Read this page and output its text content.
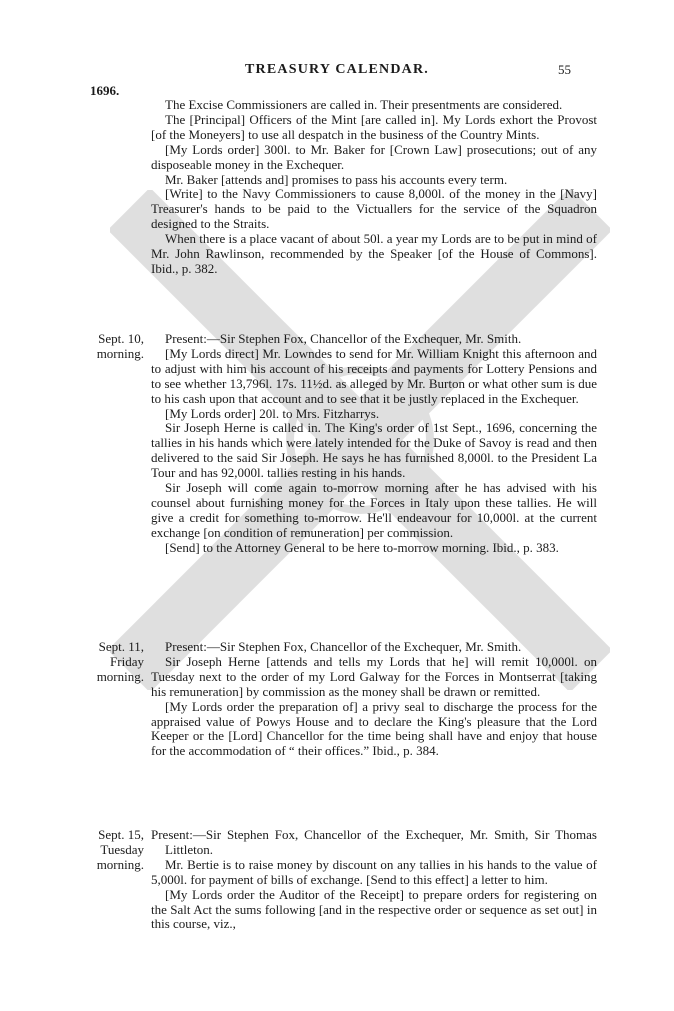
TREASURY CALENDAR.	55
1696.

The Excise Commissioners are called in. Their presentments are considered.

The [Principal] Officers of the Mint [are called in]. My Lords exhort the Provost [of the Moneyers] to use all despatch in the business of the Country Mints.

[My Lords order] 300l. to Mr. Baker for [Crown Law] prosecutions; out of any disposeable money in the Exchequer.

Mr. Baker [attends and] promises to pass his accounts every term.

[Write] to the Navy Commissioners to cause 8,000l. of the money in the [Navy] Treasurer's hands to be paid to the Victuallers for the service of the Squadron designed to the Straits.

When there is a place vacant of about 50l. a year my Lords are to be put in mind of Mr. John Rawlinson, recommended by the Speaker [of the House of Commons]. Ibid., p. 382.

Sept. 10,
morning.

Present:—Sir Stephen Fox, Chancellor of the Exchequer, Mr. Smith.

[My Lords direct] Mr. Lowndes to send for Mr. William Knight this afternoon and to adjust with him his account of his receipts and payments for Lottery Pensions and to see whether 13,796l. 17s. 11½d. as alleged by Mr. Burton or what other sum is due to his cash upon that account and to see that it be justly replaced in the Exchequer.

[My Lords order] 20l. to Mrs. Fitzharrys.

Sir Joseph Herne is called in. The King's order of 1st Sept., 1696, concerning the tallies in his hands which were lately intended for the Duke of Savoy is read and then delivered to the said Sir Joseph. He says he has furnished 8,000l. to the President La Tour and has 92,000l. tallies resting in his hands.

Sir Joseph will come again to-morrow morning after he has advised with his counsel about furnishing money for the Forces in Italy upon these tallies. He will give a credit for something to-morrow. He'll endeavour for 10,000l. at the current exchange [on condition of remuneration] per commission.

[Send] to the Attorney General to be here to-morrow morning. Ibid., p. 383.

Sept. 11,
Friday
morning.

Present:—Sir Stephen Fox, Chancellor of the Exchequer, Mr. Smith.

Sir Joseph Herne [attends and tells my Lords that he] will remit 10,000l. on Tuesday next to the order of my Lord Galway for the Forces in Montserrat [taking his remuneration] by commission as the money shall be drawn or remitted.

[My Lords order the preparation of] a privy seal to discharge the process for the appraised value of Powys House and to declare the King's pleasure that the Lord Keeper or the [Lord] Chancellor for the time being shall have and enjoy that house for the accommodation of “ their offices.” Ibid., p. 384.

Sept. 15,
Tuesday
morning.

Present:—Sir Stephen Fox, Chancellor of the Exchequer, Mr. Smith, Sir Thomas Littleton.

Mr. Bertie is to raise money by discount on any tallies in his hands to the value of 5,000l. for payment of bills of exchange. [Send to this effect] a letter to him.

[My Lords order the Auditor of the Receipt] to prepare orders for registering on the Salt Act the sums following [and in the respective order or sequence as set out] in this course, viz.,
